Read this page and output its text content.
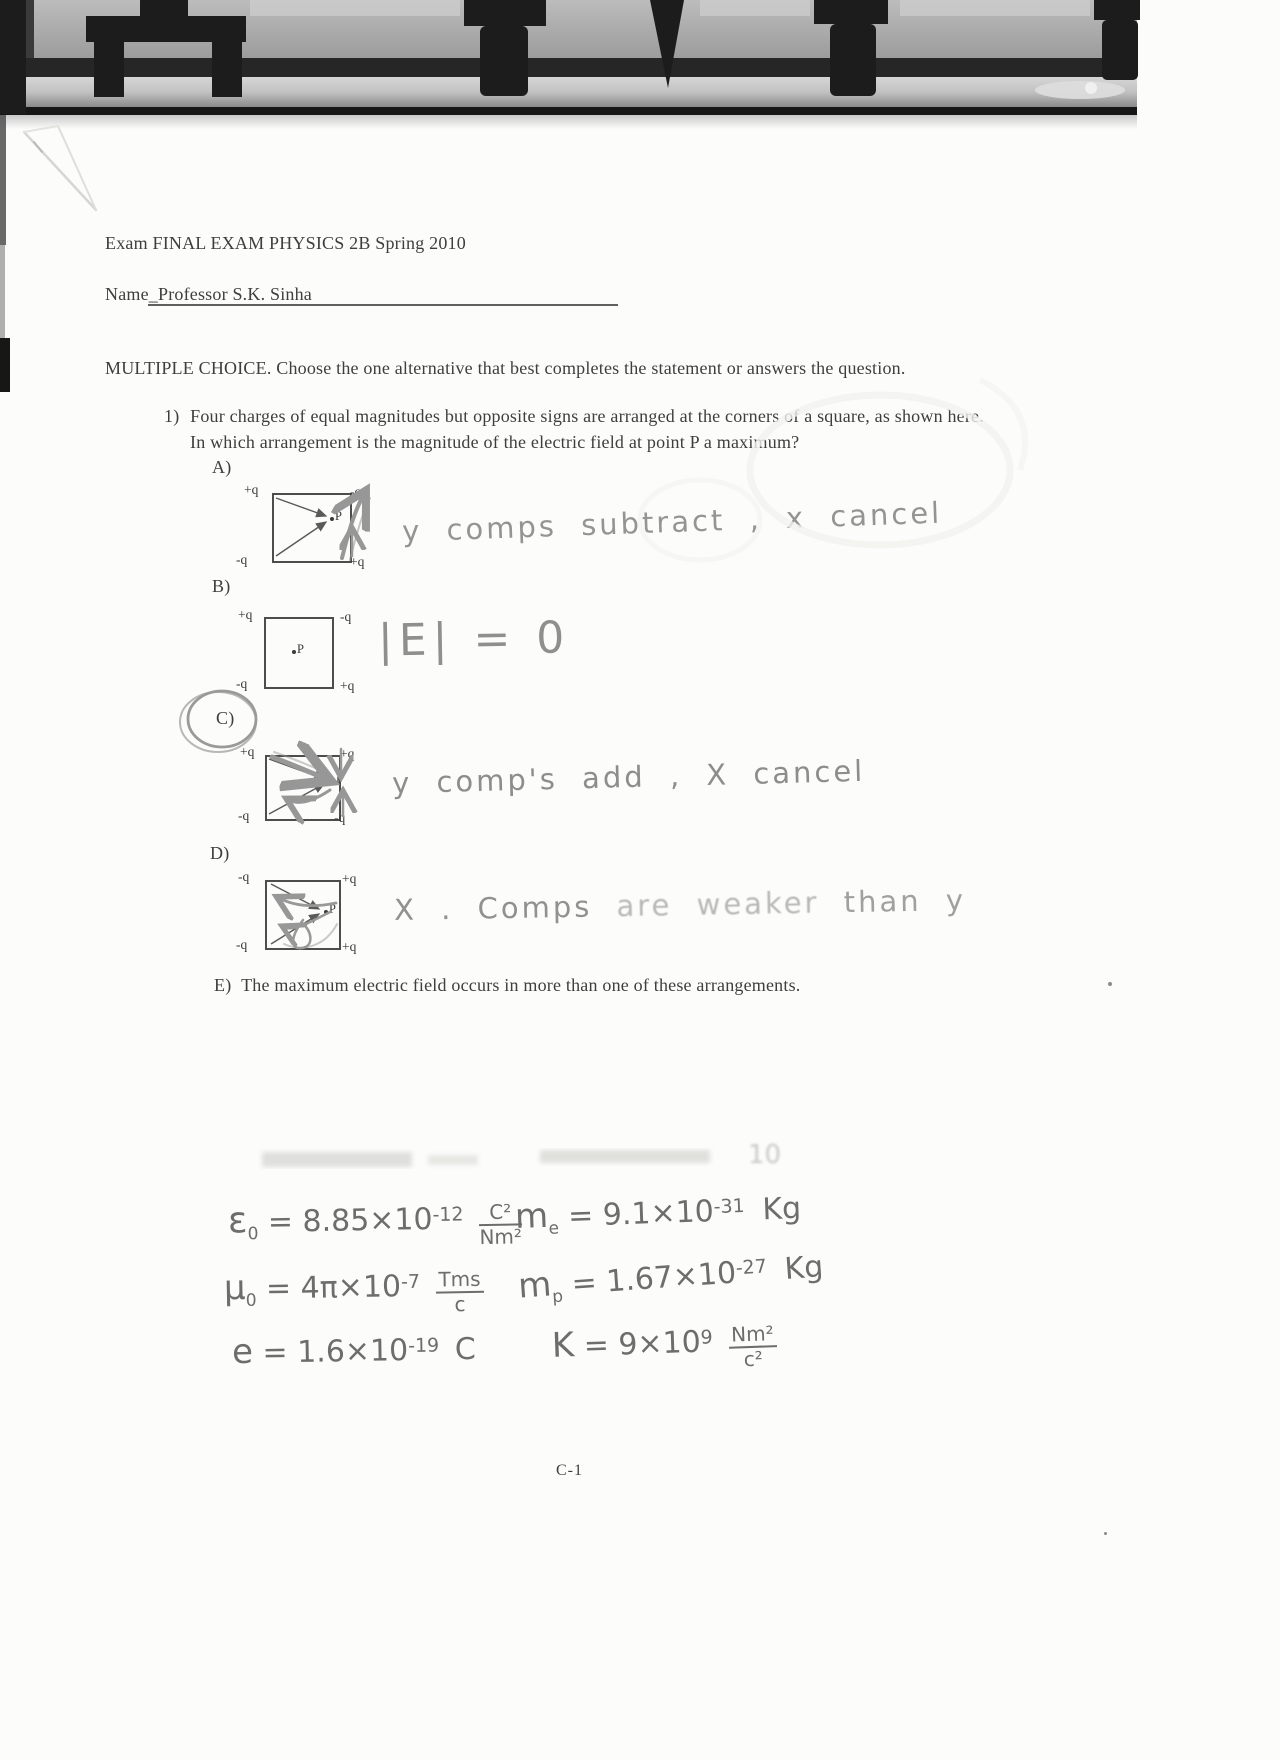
Exam FINAL EXAM PHYSICS 2B Spring 2010
Name_Professor S.K. Sinha
MULTIPLE CHOICE. Choose the one alternative that best completes the statement or answers the question.
1) Four charges of equal magnitudes but opposite signs are arranged at the corners of a square, as shown here.
In which arrangement is the magnitude of the electric field at point P a maximum?
A)
+q	-q
-q	+q
P y comps subtract , x cancel
B)
+q	-q
-q	+q
P |E| = 0
C)
+q	+q
-q	-q
P y comp's add , X cancel
D)
-q	+q
-q	+q
P X . Comps are weaker than y
E) The maximum electric field occurs in more than one of these arrangements.
10
$\varepsilon_0 = 8.85\times 10^{-12} \frac{\text{C²}}{\text{Nm²}}$
$m_e = 9.1\times 10^{-31}$ Kg
$\mu_0 = 4\pi\times 10^{-7} \frac{\text{Tms}}{c} m_p = 1.67\times 10^{-27}$ Kg
$e = 1.6\times 10^{-19}$ C $K = 9\times 10^9 \frac{\text{Nm²}}{\text{c²}}$
C-1
